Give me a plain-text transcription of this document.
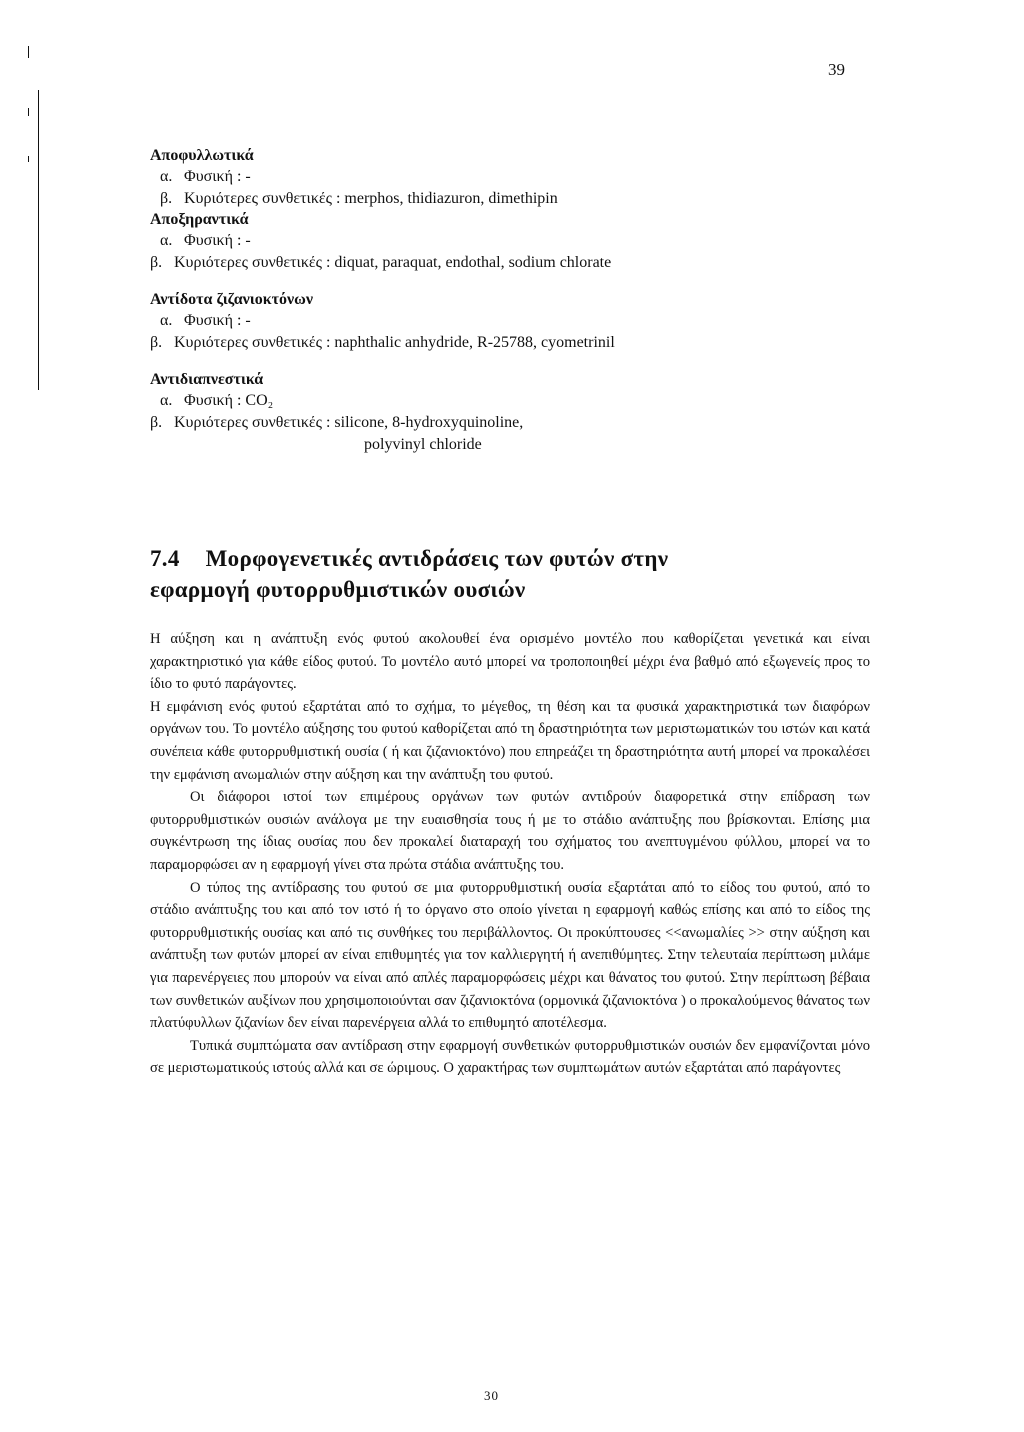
39
Αποφυλλωτικά
α. Φυσική : -
β. Κυριότερες συνθετικές : merphos, thidiazuron, dimethipin
Αποξηραντικά
α. Φυσική : -
β. Κυριότερες συνθετικές : diquat, paraquat, endothal, sodium chlorate
Αντίδοτα ζιζανιοκτόνων
α. Φυσική : -
β. Κυριότερες συνθετικές : naphthalic anhydride, R-25788, cyometrinil
Αντιδιαπνεστικά
α. Φυσική : CO₂
β. Κυριότερες συνθετικές : silicone, 8-hydroxyquinoline,
polyvinyl chloride
7.4 Μορφογενετικές αντιδράσεις των φυτών στην
εφαρμογή φυτορρυθμιστικών ουσιών

Η αύξηση και η ανάπτυξη ενός φυτού ακολουθεί ένα ορισμένο μοντέλο που καθορίζεται γενετικά και είναι χαρακτηριστικό για κάθε είδος φυτού. Το μοντέλο αυτό μπορεί να τροποποιηθεί μέχρι ένα βαθμό από εξωγενείς προς το ίδιο το φυτό παράγοντες.

Η εμφάνιση ενός φυτού εξαρτάται από το σχήμα, το μέγεθος, τη θέση και τα φυσικά χαρακτηριστικά των διαφόρων οργάνων του. Το μοντέλο αύξησης του φυτού καθορίζεται από τη δραστηριότητα των μεριστωματικών του ιστών και κατά συνέπεια κάθε φυτορρυθμιστική ουσία ( ή και ζιζανιοκτόνο) που επηρεάζει τη δραστηριότητα αυτή μπορεί να προκαλέσει την εμφάνιση ανωμαλιών στην αύξηση και την ανάπτυξη του φυτού.

Οι διάφοροι ιστοί των επιμέρους οργάνων των φυτών αντιδρούν διαφορετικά στην επίδραση των φυτορρυθμιστικών ουσιών ανάλογα με την ευαισθησία τους ή με το στάδιο ανάπτυξης που βρίσκονται. Επίσης μια συγκέντρωση της ίδιας ουσίας που δεν προκαλεί διαταραχή του σχήματος του ανεπτυγμένου φύλλου, μπορεί να το παραμορφώσει αν η εφαρμογή γίνει στα πρώτα στάδια ανάπτυξης του.

Ο τύπος της αντίδρασης του φυτού σε μια φυτορρυθμιστική ουσία εξαρτάται από το είδος του φυτού, από το στάδιο ανάπτυξης του και από τον ιστό ή το όργανο στο οποίο γίνεται η εφαρμογή καθώς επίσης και από το είδος της φυτορρυθμιστικής ουσίας και από τις συνθήκες του περιβάλλοντος. Οι προκύπτουσες <<ανωμαλίες >> στην αύξηση και ανάπτυξη των φυτών μπορεί αν είναι επιθυμητές για τον καλλιεργητή ή ανεπιθύμητες. Στην τελευταία περίπτωση μιλάμε για παρενέργειες που μπορούν να είναι από απλές παραμορφώσεις μέχρι και θάνατος του φυτού. Στην περίπτωση βέβαια των συνθετικών αυξίνων που χρησιμοποιούνται σαν ζιζανιοκτόνα (ορμονικά ζιζανιοκτόνα ) ο προκαλούμενος θάνατος των πλατύφυλλων ζιζανίων δεν είναι παρενέργεια αλλά το επιθυμητό αποτέλεσμα.

Τυπικά συμπτώματα σαν αντίδραση στην εφαρμογή συνθετικών φυτορρυθμιστικών ουσιών δεν εμφανίζονται μόνο σε μεριστωματικούς ιστούς αλλά και σε ώριμους. Ο χαρακτήρας των συμπτωμάτων αυτών εξαρτάται από παράγοντες

30
